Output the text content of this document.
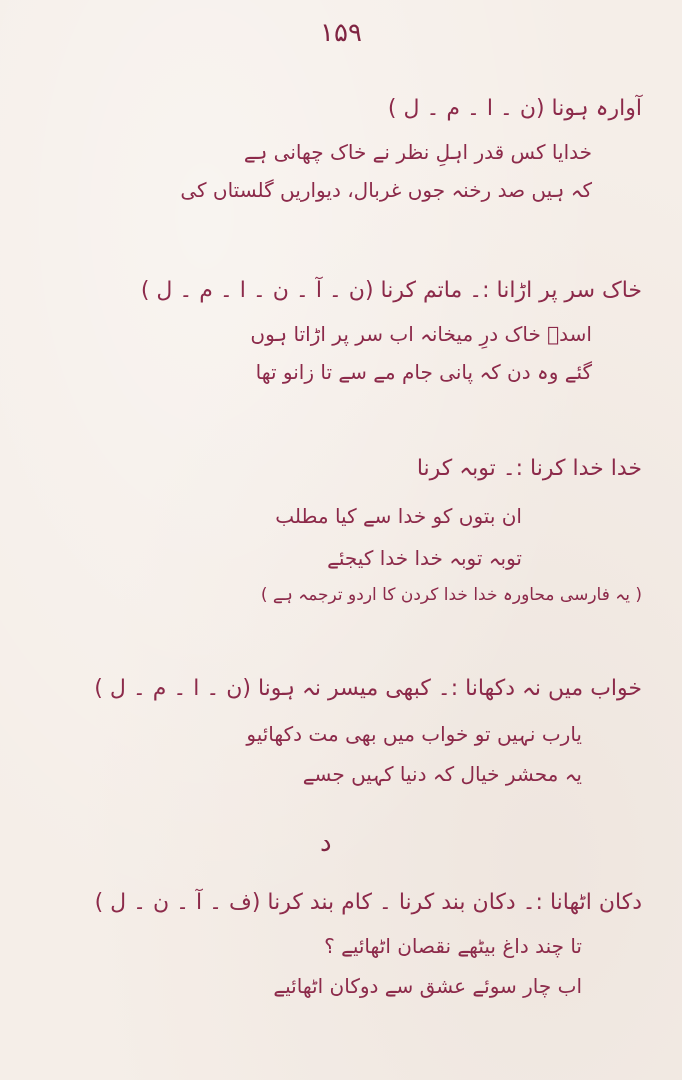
۱۵۹
آوارہ ہونا (ن ۔ ا ۔ م ۔ ل )
خدایا کس قدر اہلِ نظر نے خاک چھانی ہے
کہ ہیں صد رخنہ جوں غربال، دیواریں گلستاں کی
خاک سر پر اڑانا :۔ ماتم کرنا (ن ۔ آ ۔ ن ۔ ا ۔ م ۔ ل )
اسدؔ خاک درِ میخانہ اب سر پر اڑاتا ہوں
گئے وہ دن کہ پانی جام مے سے تا زانو تھا
خدا خدا کرنا :۔ توبہ کرنا
ان بتوں کو خدا سے کیا مطلب
توبہ توبہ خدا خدا کیجئے
( یہ فارسی محاورہ خدا خدا کردن کا اردو ترجمہ ہے )
خواب میں نہ دکھانا :۔ کبھی میسر نہ ہونا (ن ۔ ا ۔ م ۔ ل )
یارب نہیں تو خواب میں بھی مت دکھائیو
یہ محشر خیال کہ دنیا کہیں جسے
د
دکان اٹھانا :۔ دکان بند کرنا ۔ کام بند کرنا (ف ۔ آ ۔ ن ۔ ل )
تا چند داغ بیٹھے نقصان اٹھائیے ؟
اب چار سوئے عشق سے دوکان اٹھائیے
